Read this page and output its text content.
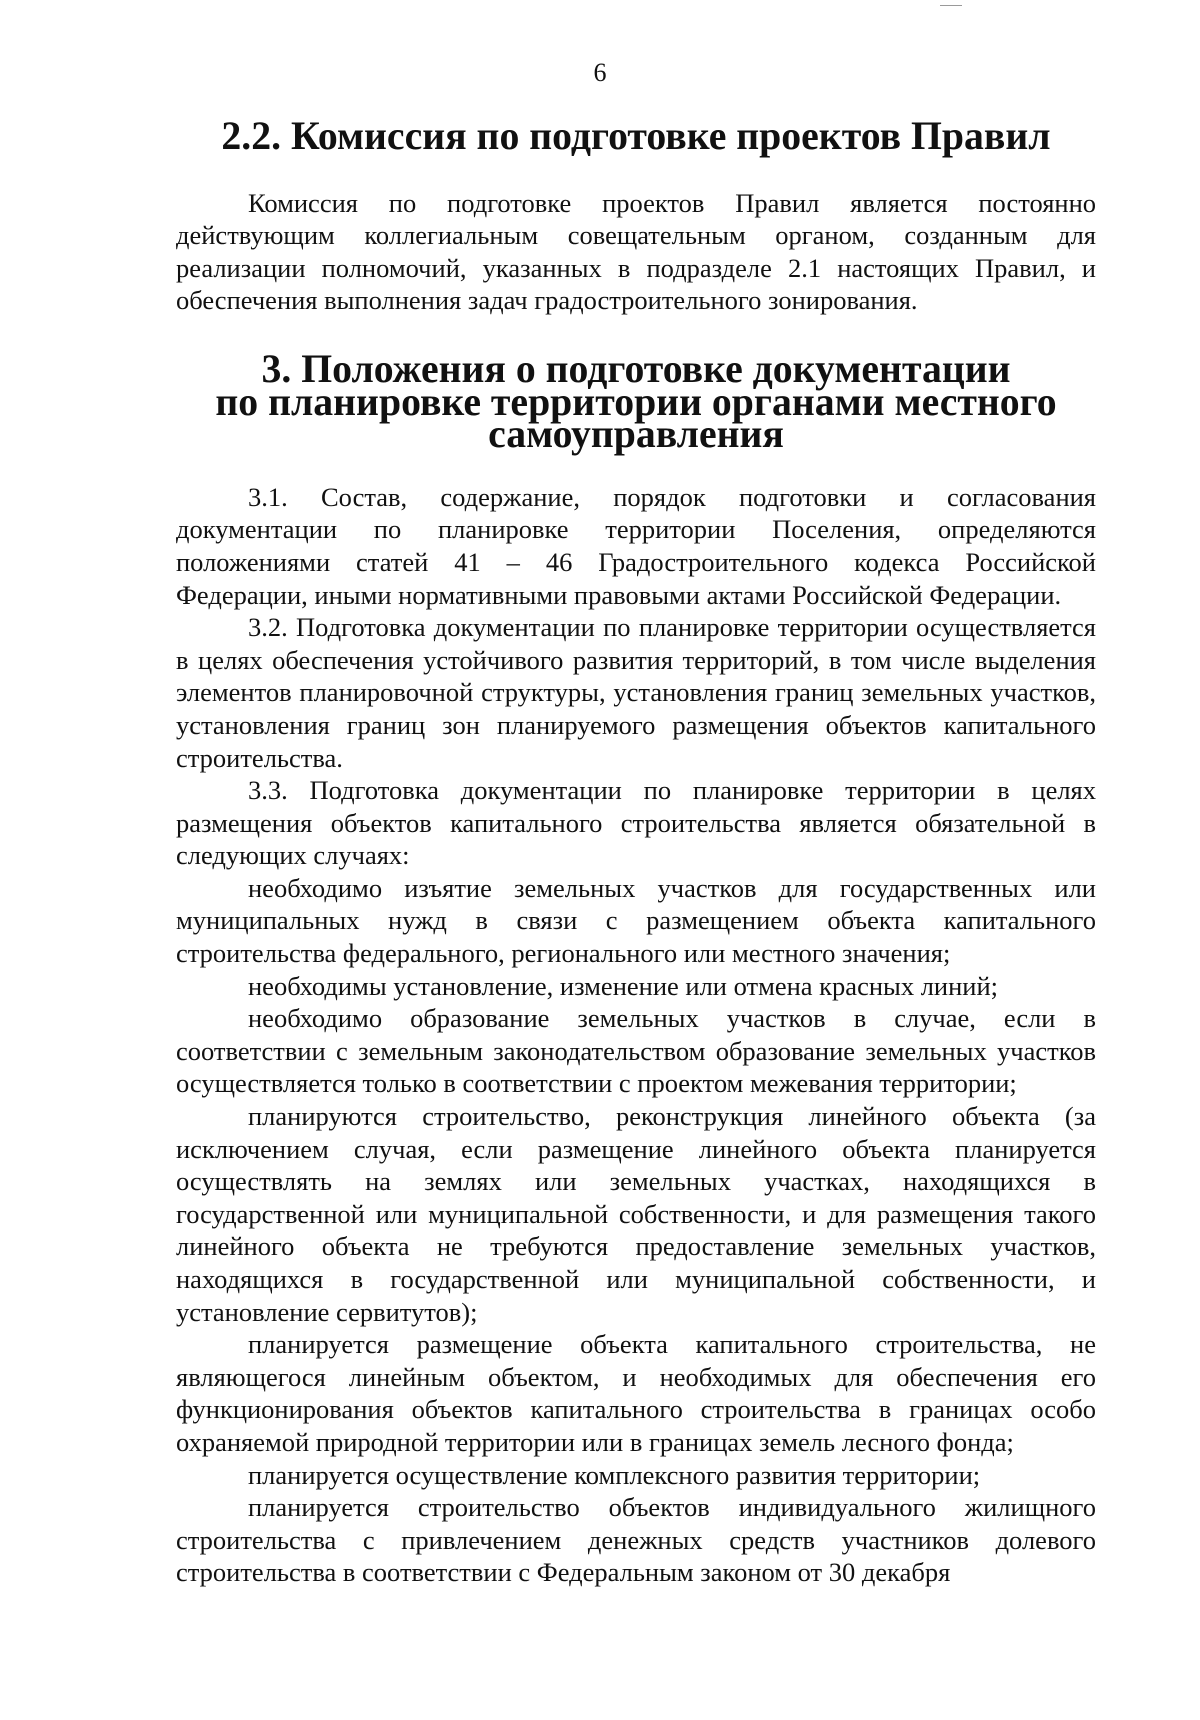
6
2.2. Комиссия по подготовке проектов Правил

Комиссия по подготовке проектов Правил является постоянно действующим коллегиальным совещательным органом, созданным для реализации полномочий, указанных в подразделе 2.1 настоящих Правил, и обеспечения выполнения задач градостроительного зонирования.

3. Положения о подготовке документации
по планировке территории органами местного самоуправления

3.1. Состав, содержание, порядок подготовки и согласования документации по планировке территории Поселения, определяются положениями статей 41 – 46 Градостроительного кодекса Российской Федерации, иными нормативными правовыми актами Российской Федерации.

3.2. Подготовка документации по планировке территории осуществляется в целях обеспечения устойчивого развития территорий, в том числе выделения элементов планировочной структуры, установления границ земельных участков, установления границ зон планируемого размещения объектов капитального строительства.

3.3. Подготовка документации по планировке территории в целях размещения объектов капитального строительства является обязательной в следующих случаях:

необходимо изъятие земельных участков для государственных или муниципальных нужд в связи с размещением объекта капитального строительства федерального, регионального или местного значения;

необходимы установление, изменение или отмена красных линий;

необходимо образование земельных участков в случае, если в соответствии с земельным законодательством образование земельных участков осуществляется только в соответствии с проектом межевания территории;

планируются строительство, реконструкция линейного объекта (за исключением случая, если размещение линейного объекта планируется осуществлять на землях или земельных участках, находящихся в государственной или муниципальной собственности, и для размещения такого линейного объекта не требуются предоставление земельных участков, находящихся в государственной или муниципальной собственности, и установление сервитутов);

планируется размещение объекта капитального строительства, не являющегося линейным объектом, и необходимых для обеспечения его функционирования объектов капитального строительства в границах особо охраняемой природной территории или в границах земель лесного фонда;

планируется осуществление комплексного развития территории;

планируется строительство объектов индивидуального жилищного строительства с привлечением денежных средств участников долевого строительства в соответствии с Федеральным законом от 30 декабря
